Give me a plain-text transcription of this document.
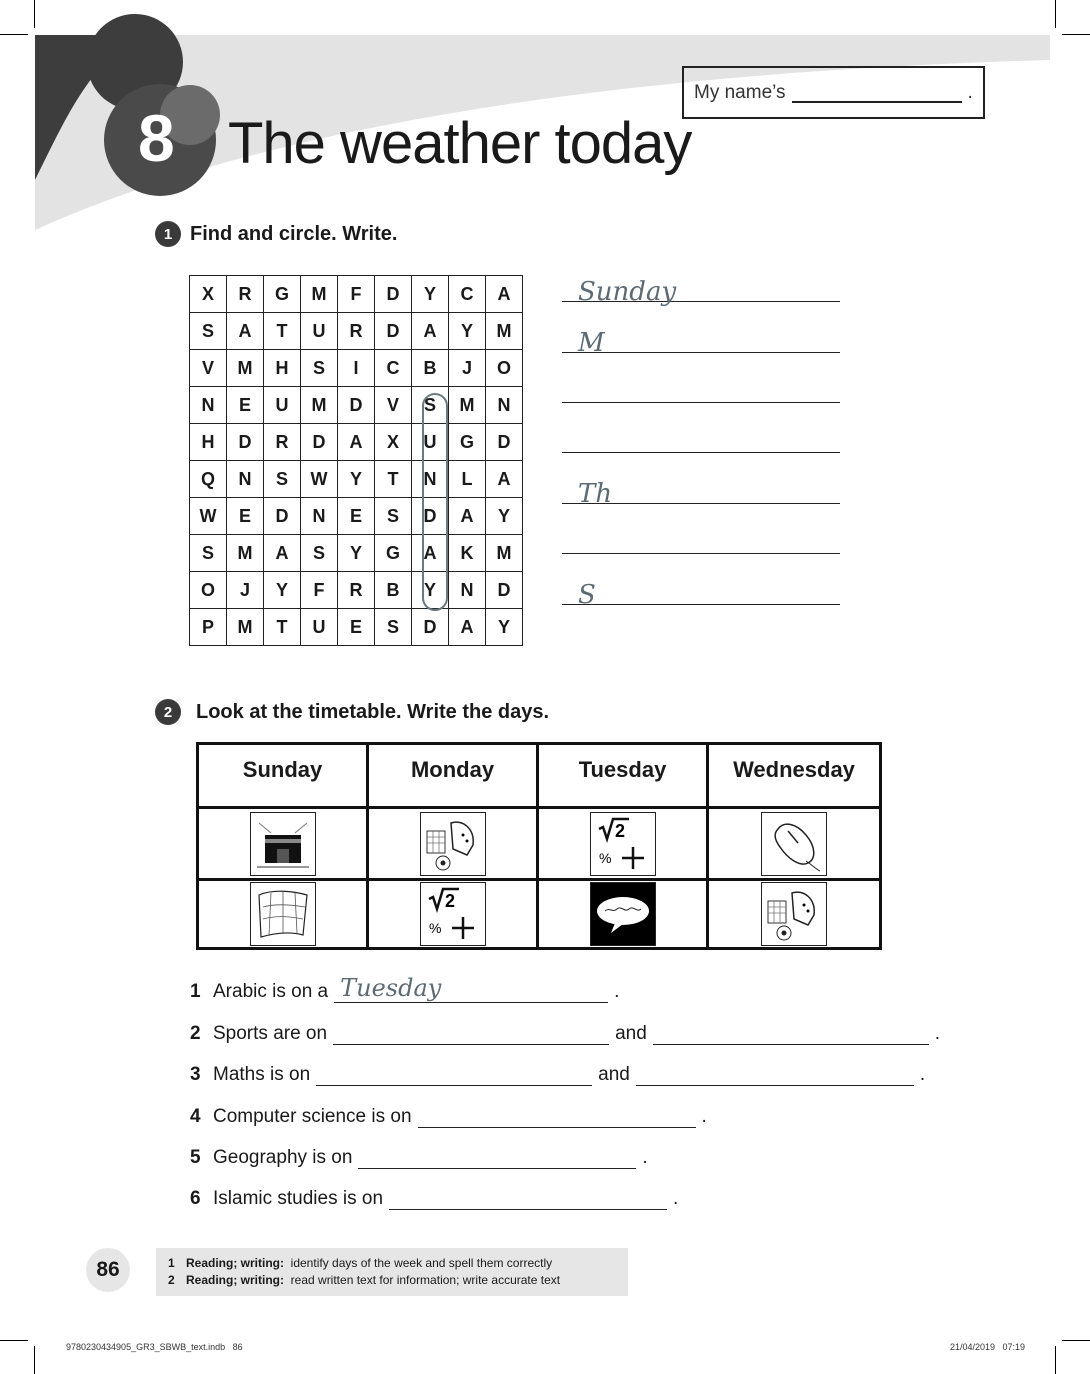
My name’s	.
8 The weather today
1 Find and circle. Write.
X	R	G	M	F	D	Y	C	A
S	A	T	U	R	D	A	Y	M
V	M	H	S	I	C	B	J	O
N	E	U	M	D	V	S	M	N
H	D	R	D	A	X	U	G	D
Q	N	S	W	Y	T	N	L	A
W	E	D	N	E	S	D	A	Y
S	M	A	S	Y	G	A	K	M
O	J	Y	F	R	B	Y	N	D
P	M	T	U	E	S	D	A	Y
Sunday
M
Th
S
2	Look at the timetable. Write the days.
Sunday	Monday	Tuesday	Wednesday
2
%
2
%
1 Arabic is on a Tuesday	.
2 Sports are on	and	.
3 Maths is on	and	.
4 Computer science is on	.
5 Geography is on	.
6 Islamic studies is on	.
86	1 Reading; writing: identify days of the week and spell them correctly
2 Reading; writing: read written text for information; write accurate text
9780230434905_GR3_SBWB_text.indb   86	21/04/2019   07:19
